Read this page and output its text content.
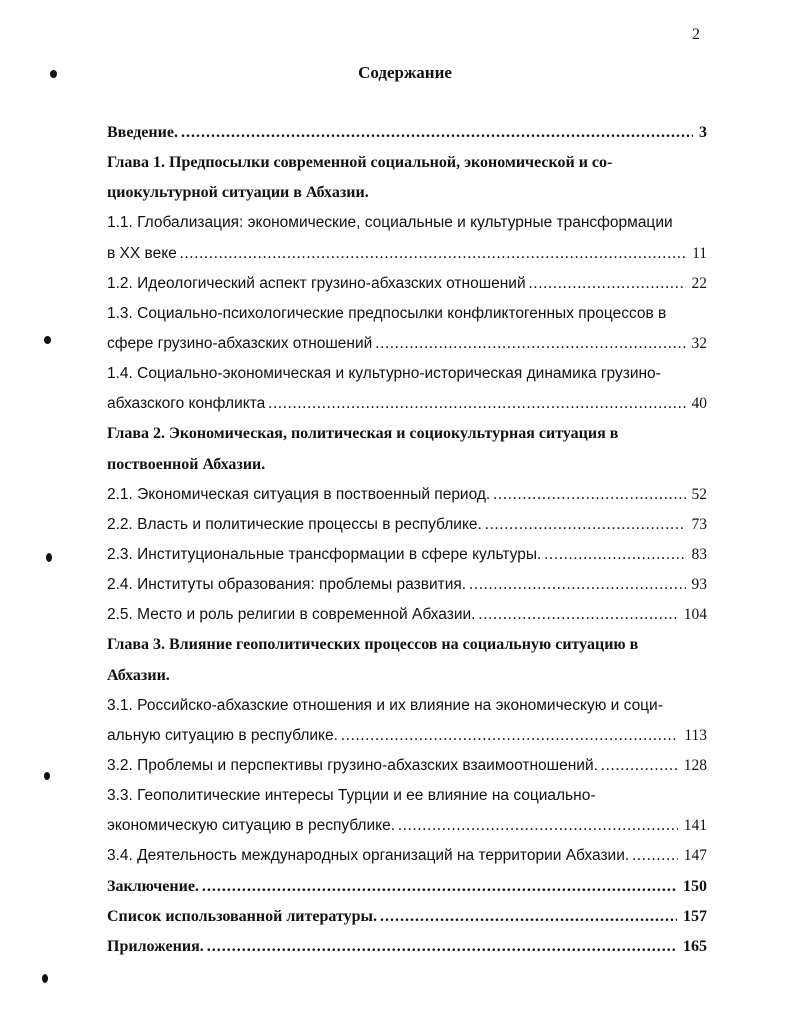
2
Содержание
Введение. .....	3
Глава 1. Предпосылки современной социальной, экономической и со-
циокультурной ситуации в Абхазии.
1.1. Глобализация: экономические, социальные и культурные трансформации
в XX веке .....	11
1.2. Идеологический аспект грузино-абхазских отношений .....	22
1.3. Социально-психологические предпосылки конфликтогенных процессов в
сфере грузино-абхазских отношений .....	32
1.4. Социально-экономическая и культурно-историческая динамика грузино-
абхазского конфликта .....	40
Глава 2. Экономическая, политическая и социокультурная ситуация в
поствоенной Абхазии.
2.1. Экономическая ситуация в поствоенный период. .....	52
2.2. Власть и политические процессы в республике. .....	73
2.3. Институциональные трансформации в сфере культуры. .....	83
2.4. Институты образования: проблемы развития. .....	93
2.5. Место и роль религии в современной Абхазии. .....	104
Глава 3. Влияние геополитических процессов на социальную ситуацию в
Абхазии.
3.1. Российско-абхазские отношения и их влияние на экономическую и соци-
альную ситуацию в республике. .....	113
3.2. Проблемы и перспективы грузино-абхазских взаимоотношений. .....	128
3.3. Геополитические интересы Турции и ее влияние на социально-
экономическую ситуацию в республике. .....	141
3.4. Деятельность международных организаций на территории Абхазии. .....	147
Заключение. .....	150
Список использованной литературы. .....	157
Приложения. .....	165
